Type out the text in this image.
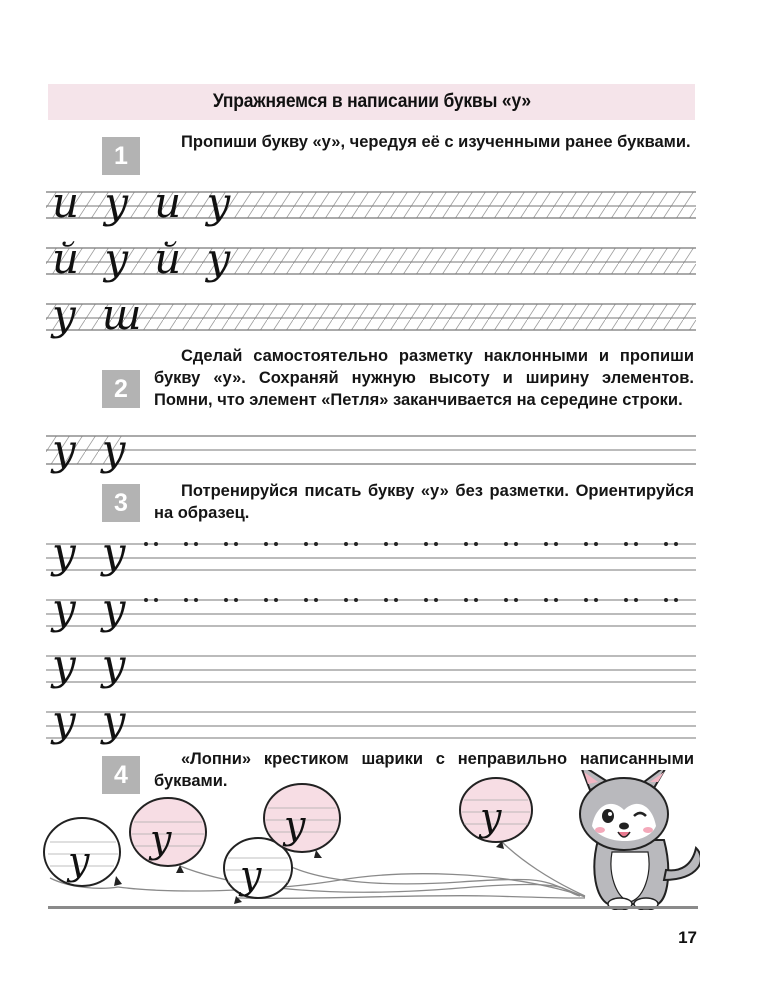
Упражняемся в написании буквы «у»
1	Пропиши букву «у», чередуя её с изученными ранее буквами.

и у и у
й у й у
у ш
2

Сделай самостоятельно разметку наклонными и пропиши букву «у». Сохраняй нужную высоту и ширину элементов. Помни, что элемент «Петля» заканчивается на середине строки.

у у
3	Потренируйся писать букву «у» без разметки. Ориентируйся на образец.

у у
у у
у у
у у
4

«Лопни» крестиком шарики с неправильно написанными буквами.

у у
у
у	у
17
